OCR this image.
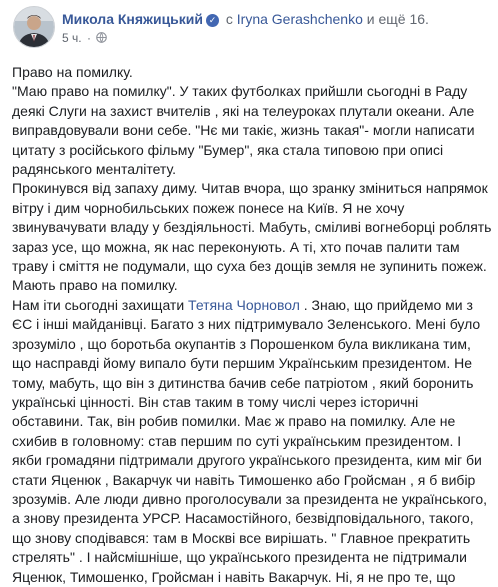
Микола Княжицький ✓ с Iryna Gerashchenko и ещё 16.
5 ч. ·

Право на помилку.
"Маю право на помилку". У таких футболках прийшли сьогодні в Раду деякі Слуги на захист вчителів , які на телеуроках плутали океани. Але виправдовували вони себе. "Нє ми такіє, жизнь такая"- могли написати цитату з російського фільму "Бумер", яка стала типовою при описі радянського менталітету.
Прокинувся від запаху диму. Читав вчора, що зранку зміниться напрямок вітру і дим чорнобильських пожеж понесе на Київ. Я не хочу звинувачувати владу у бездіяльності. Мабуть, сміливі вогнеборці роблять зараз усе, що можна, як нас переконують. А ті, хто почав палити там траву і сміття не подумали, що суха без дощів земля не зупинить пожеж. Мають право на помилку.

Нам іти сьогодні захищати Тетяна Чорновол . Знаю, що прийдемо ми з ЄС і інші майданівці. Багато з них підтримувало Зеленського. Мені було зрозуміло , що боротьба окупантів з Порошенком була викликана тим, що насправді йому випало бути першим Українським президентом. Не тому, мабуть, що він з дитинства бачив себе патріотом , який боронить українські цінності. Він став таким в тому числі через історичні обставини. Так, він робив помилки. Має ж право на помилку. Але не схибив в головному: став першим по суті українським президентом. І якби громадяни підтримали другого українського президента, ким міг би стати Яценюк , Вакарчук чи навіть Тимошенко або Гройсман , я б вибір зрозумів. Але люди дивно проголосували за президента не українського, а знову президента УРСР. Насамостійного, безвідповідального, такого, що знову сподівався: там в Москві все вирішать. " Главное прекратить стрелять" . І найсмішніше, що українського президента не підтримали Яценюк, Тимошенко, Гройсман і навіть Вакарчук. Ні, я не про те, що
